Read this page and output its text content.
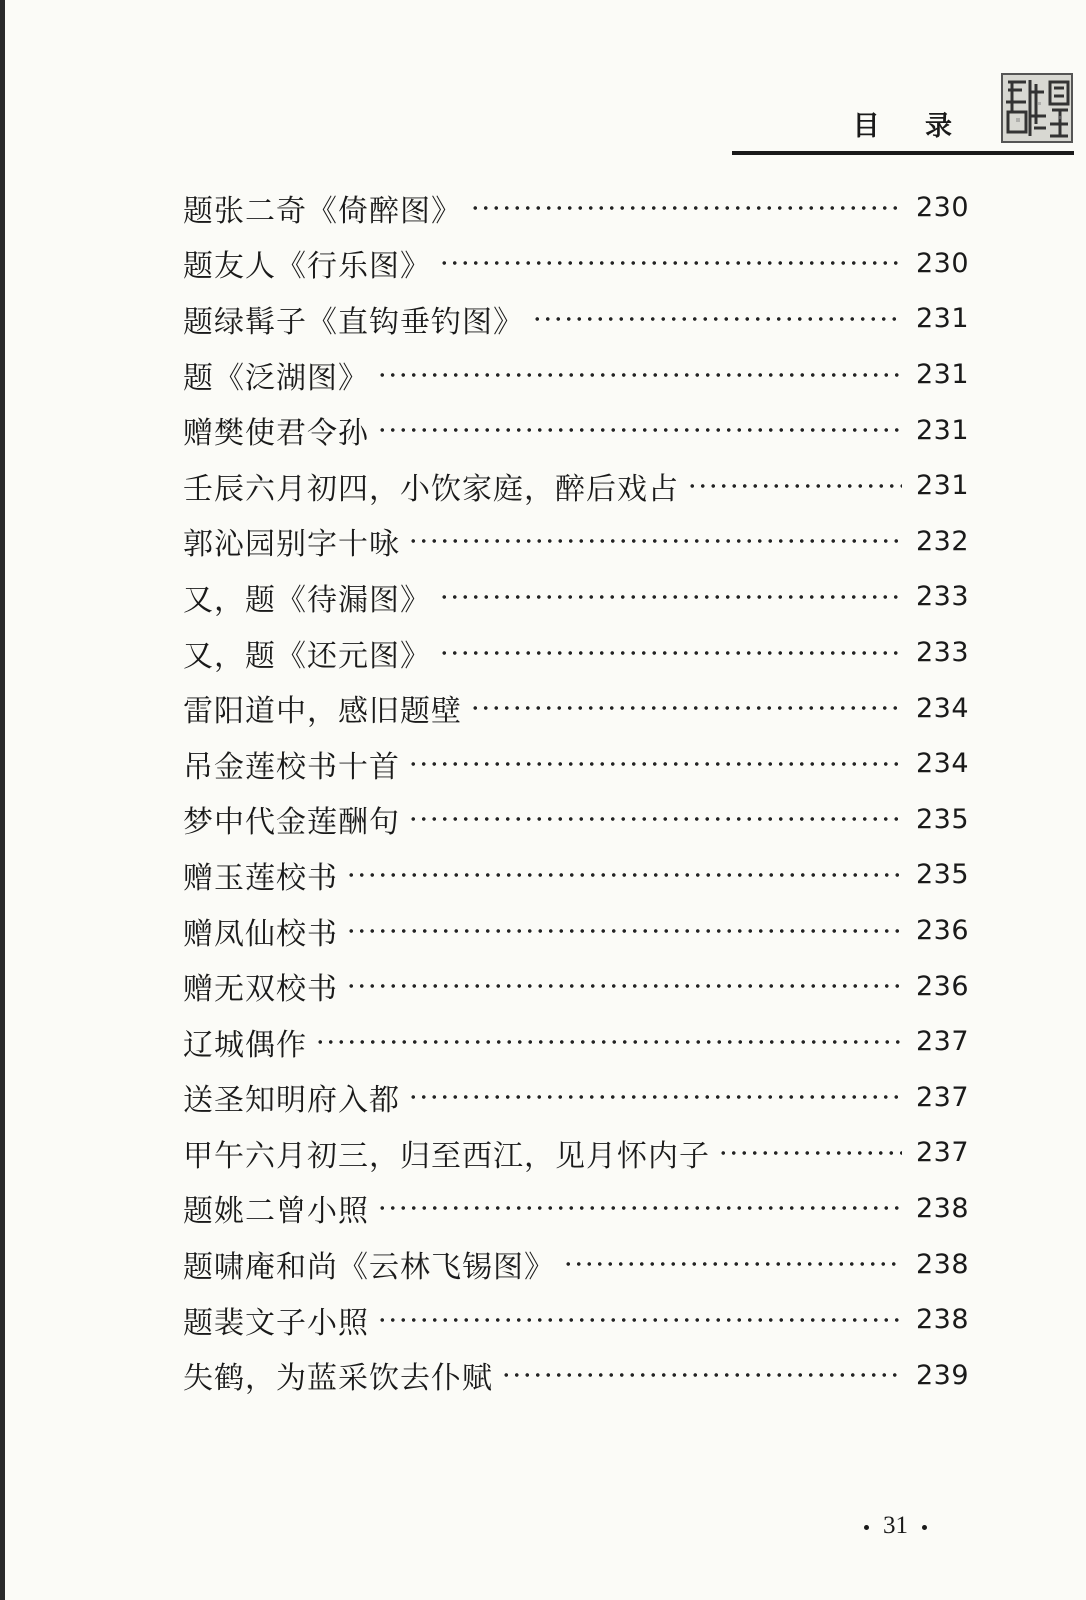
目 录
题张二奇《倚醉图》	230
题友人《行乐图》	230
题绿髯子《直钩垂钓图》	231
题《泛湖图》	231
赠樊使君令孙	231
壬辰六月初四，小饮家庭，醉后戏占	231
郭沁园别字十咏	232
又，题《待漏图》	233
又，题《还元图》	233
雷阳道中，感旧题壁	234
吊金莲校书十首	234
梦中代金莲酬句	235
赠玉莲校书	235
赠凤仙校书	236
赠无双校书	236
辽城偶作	237
送圣知明府入都	237
甲午六月初三，归至西江，见月怀内子	237
题姚二曾小照	238
题啸庵和尚《云林飞锡图》	238
题裴文子小照	238
失鹤，为蓝采饮去仆赋	239
31
